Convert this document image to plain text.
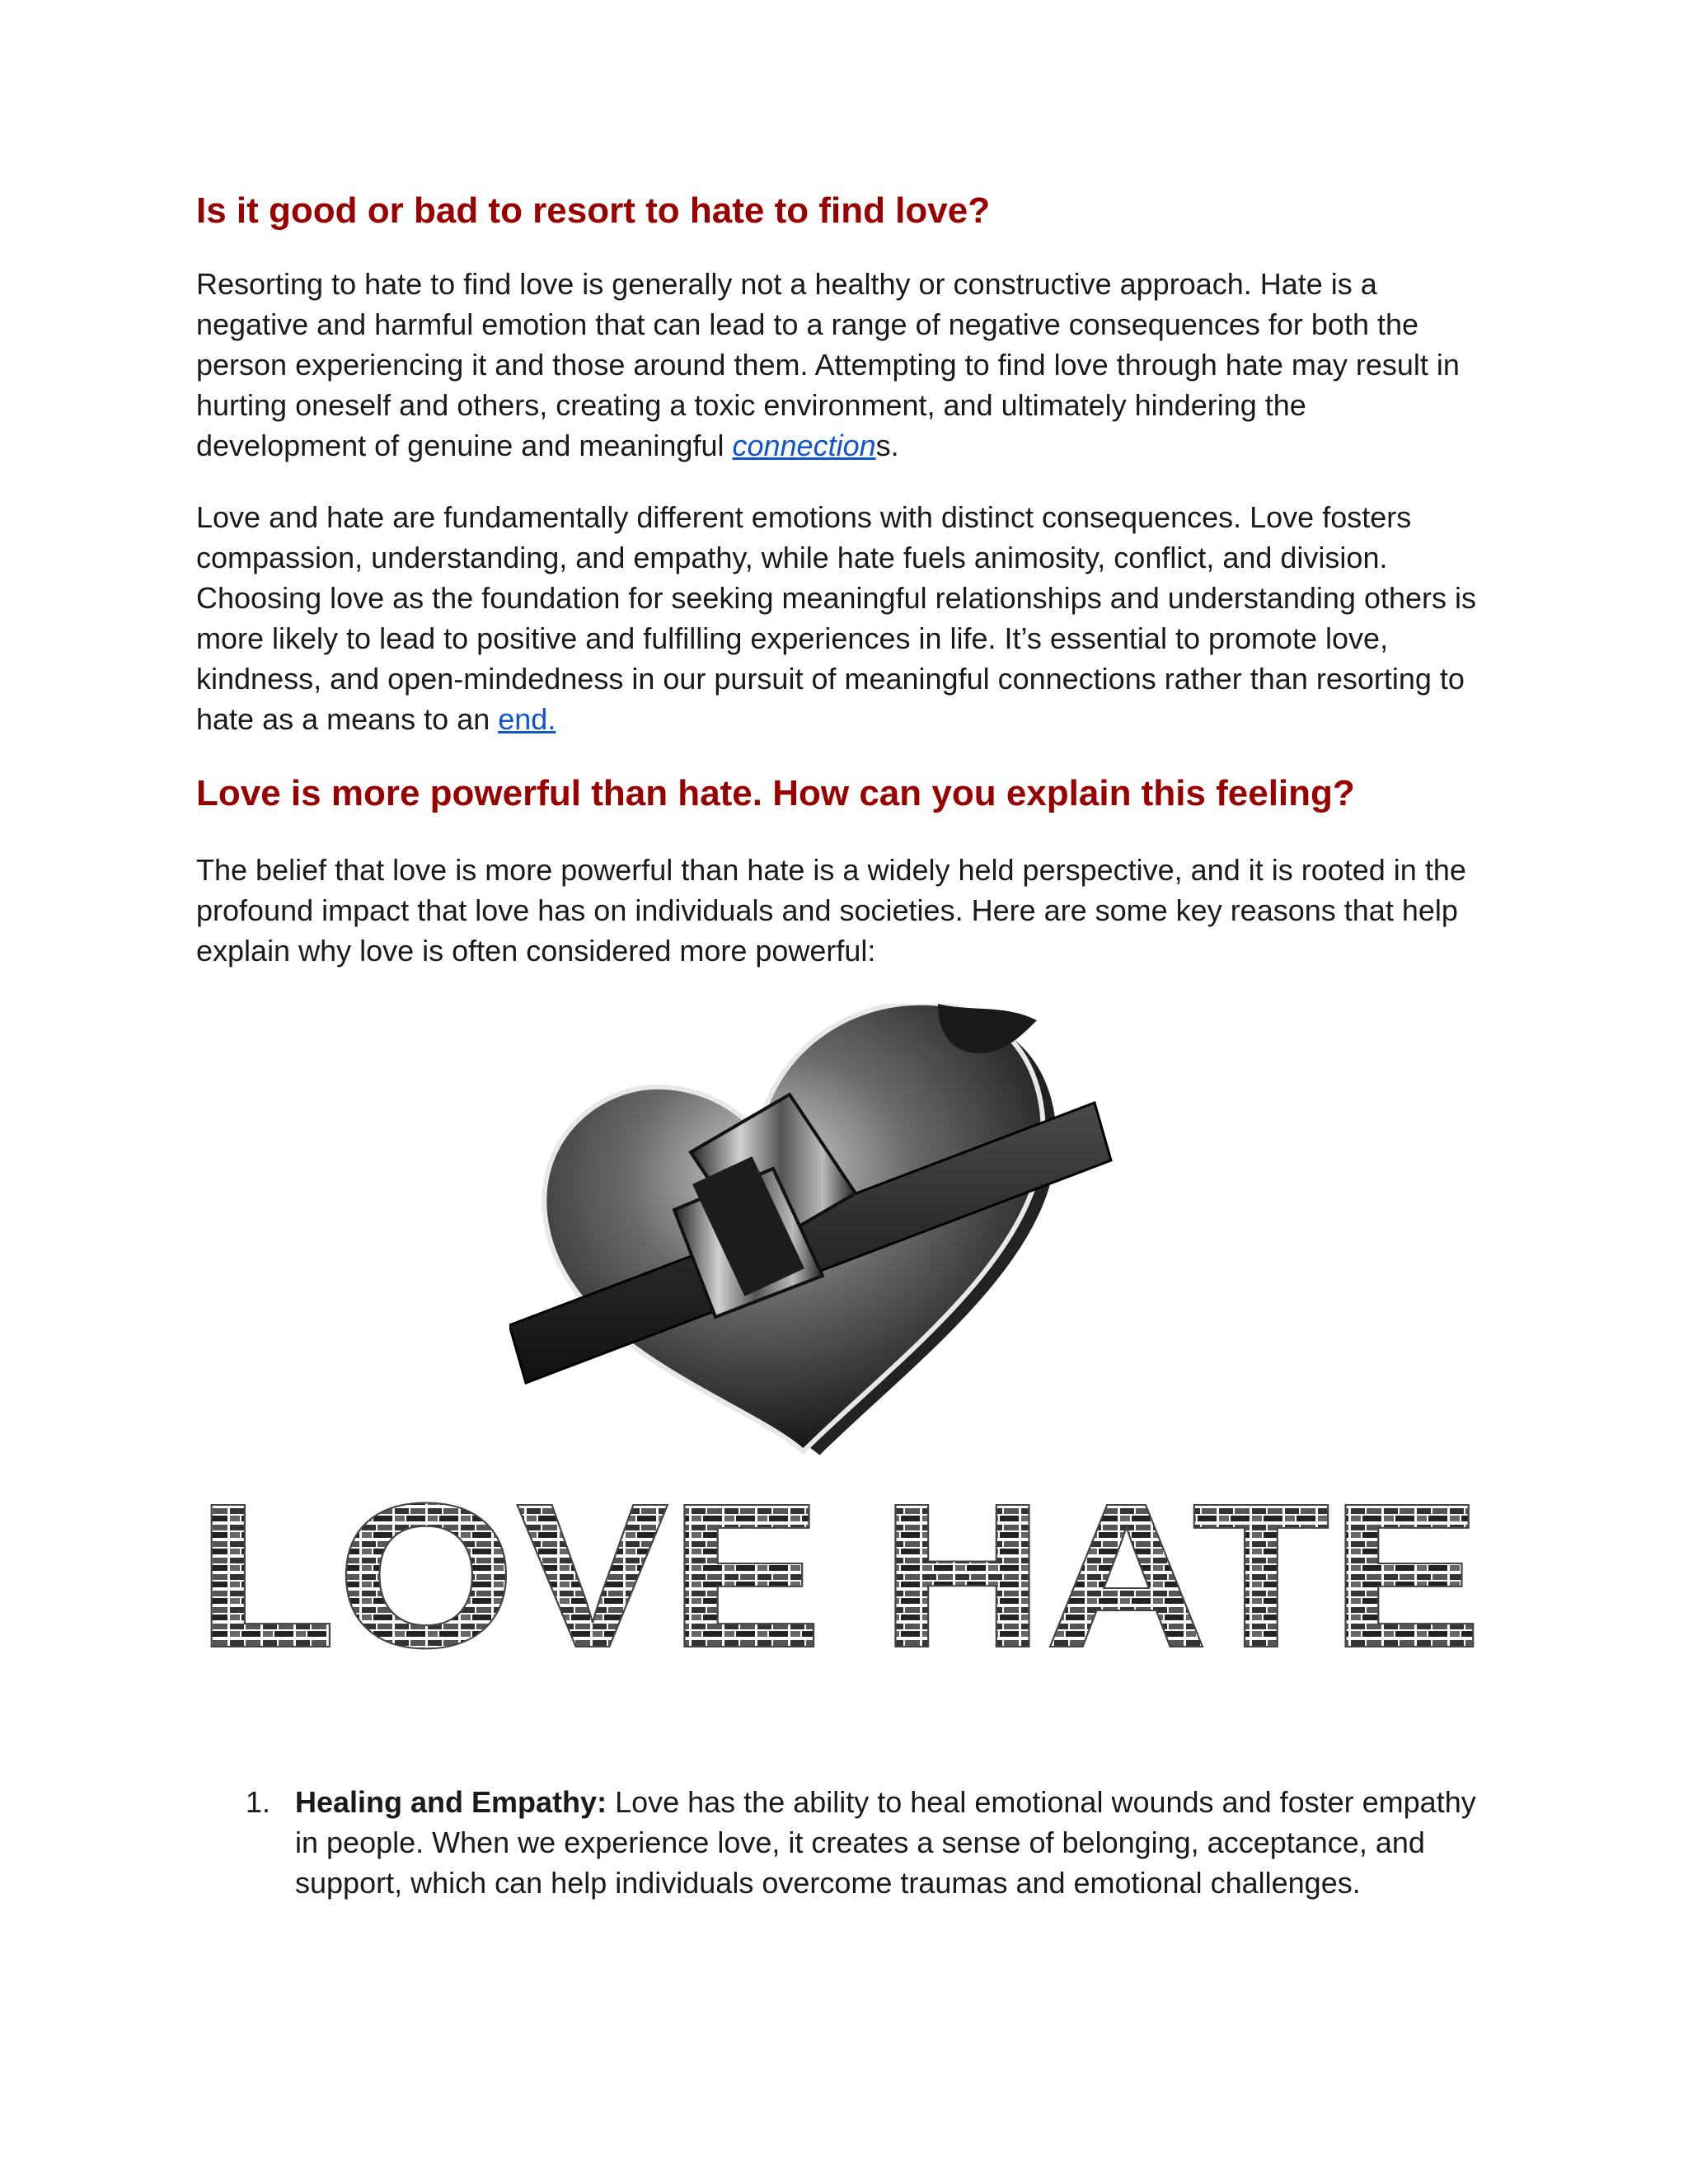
Is it good or bad to resort to hate to find love?

Resorting to hate to find love is generally not a healthy or constructive approach. Hate is a negative and harmful emotion that can lead to a range of negative consequences for both the person experiencing it and those around them. Attempting to find love through hate may result in hurting oneself and others, creating a toxic environment, and ultimately hindering the development of genuine and meaningful connections.

Love and hate are fundamentally different emotions with distinct consequences. Love fosters compassion, understanding, and empathy, while hate fuels animosity, conflict, and division. Choosing love as the foundation for seeking meaningful relationships and understanding others is more likely to lead to positive and fulfilling experiences in life. It’s essential to promote love, kindness, and open-mindedness in our pursuit of meaningful connections rather than resorting to hate as a means to an end.

Love is more powerful than hate. How can you explain this feeling?

The belief that love is more powerful than hate is a widely held perspective, and it is rooted in the profound impact that love has on individuals and societies. Here are some key reasons that help explain why love is often considered more powerful:

LOVE HATE
1. Healing and Empathy: Love has the ability to heal emotional wounds and foster empathy in people. When we experience love, it creates a sense of belonging, acceptance, and support, which can help individuals overcome traumas and emotional challenges.
